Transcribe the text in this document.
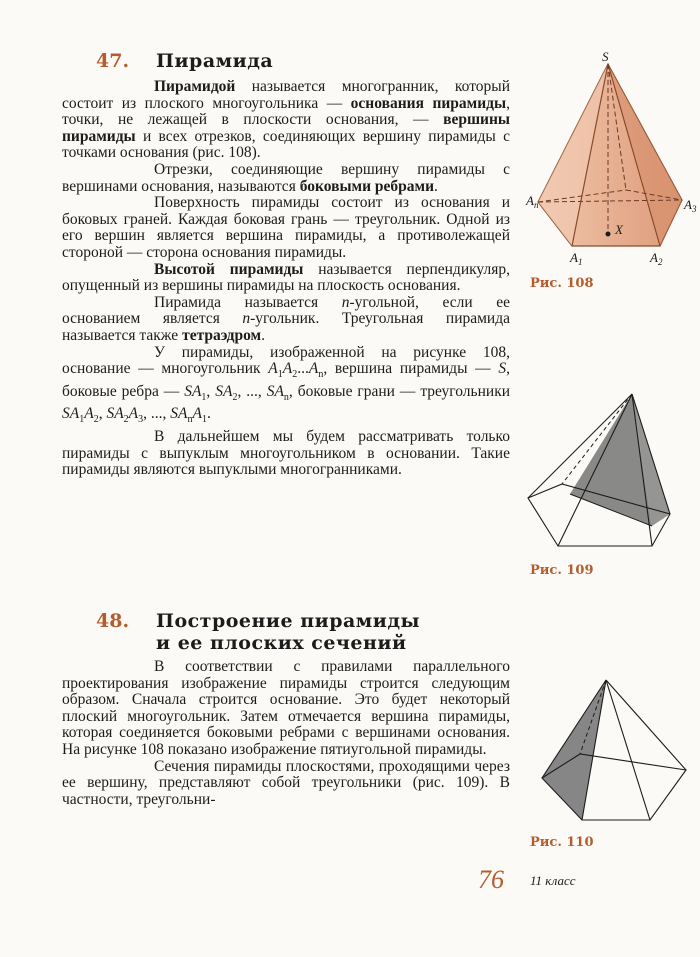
47. Пирамида

Пирамидой называется многогранник, который состоит из плоского многоугольника — основания пирамиды, точки, не лежащей в плоскости основания, — вершины пирамиды и всех отрезков, соединяющих вершину пирамиды с точками основания (рис. 108).

Отрезки, соединяющие вершину пирамиды с вершинами основания, называются боковыми ребрами.

Поверхность пирамиды состоит из основания и боковых граней. Каждая боковая грань — треугольник. Одной из его вершин является вершина пирамиды, а противолежащей стороной — сторона основания пирамиды.

Высотой пирамиды называется перпендикуляр, опущенный из вершины пирамиды на плоскость основания.

Пирамида называется n-угольной, если ее основанием является n-угольник. Треугольная пирамида называется также тетраэдром.

У пирамиды, изображенной на рисунке 108, основание — многоугольник $A_1A_2...A_n$, вершина пирамиды — S, боковые ребра — $SA_1$, $SA_2$, ..., $SA_n$, боковые грани — треугольники $SA_1A_2$, $SA_2A_3$, ..., $SA_nA_1$.

В дальнейшем мы будем рассматривать только пирамиды с выпуклым многоугольником в основании. Такие пирамиды являются выпуклыми многогранниками.

48. Построение пирамиды
и ее плоских сечений

В соответствии с правилами параллельного проектирования изображение пирамиды строится следующим образом. Сначала строится основание. Это будет некоторый плоский многоугольник. Затем отмечается вершина пирамиды, которая соединяется боковыми ребрами с вершинами основания. На рисунке 108 показано изображение пятиугольной пирамиды.

Сечения пирамиды плоскостями, проходящими через ее вершину, представляют собой треугольники (рис. 109). В частности, треугольни-

S
$A_n$	$A_3$
X
$A_1$	$A_2$
Рис. 108
Рис. 109
Рис. 110
76 11 класс
